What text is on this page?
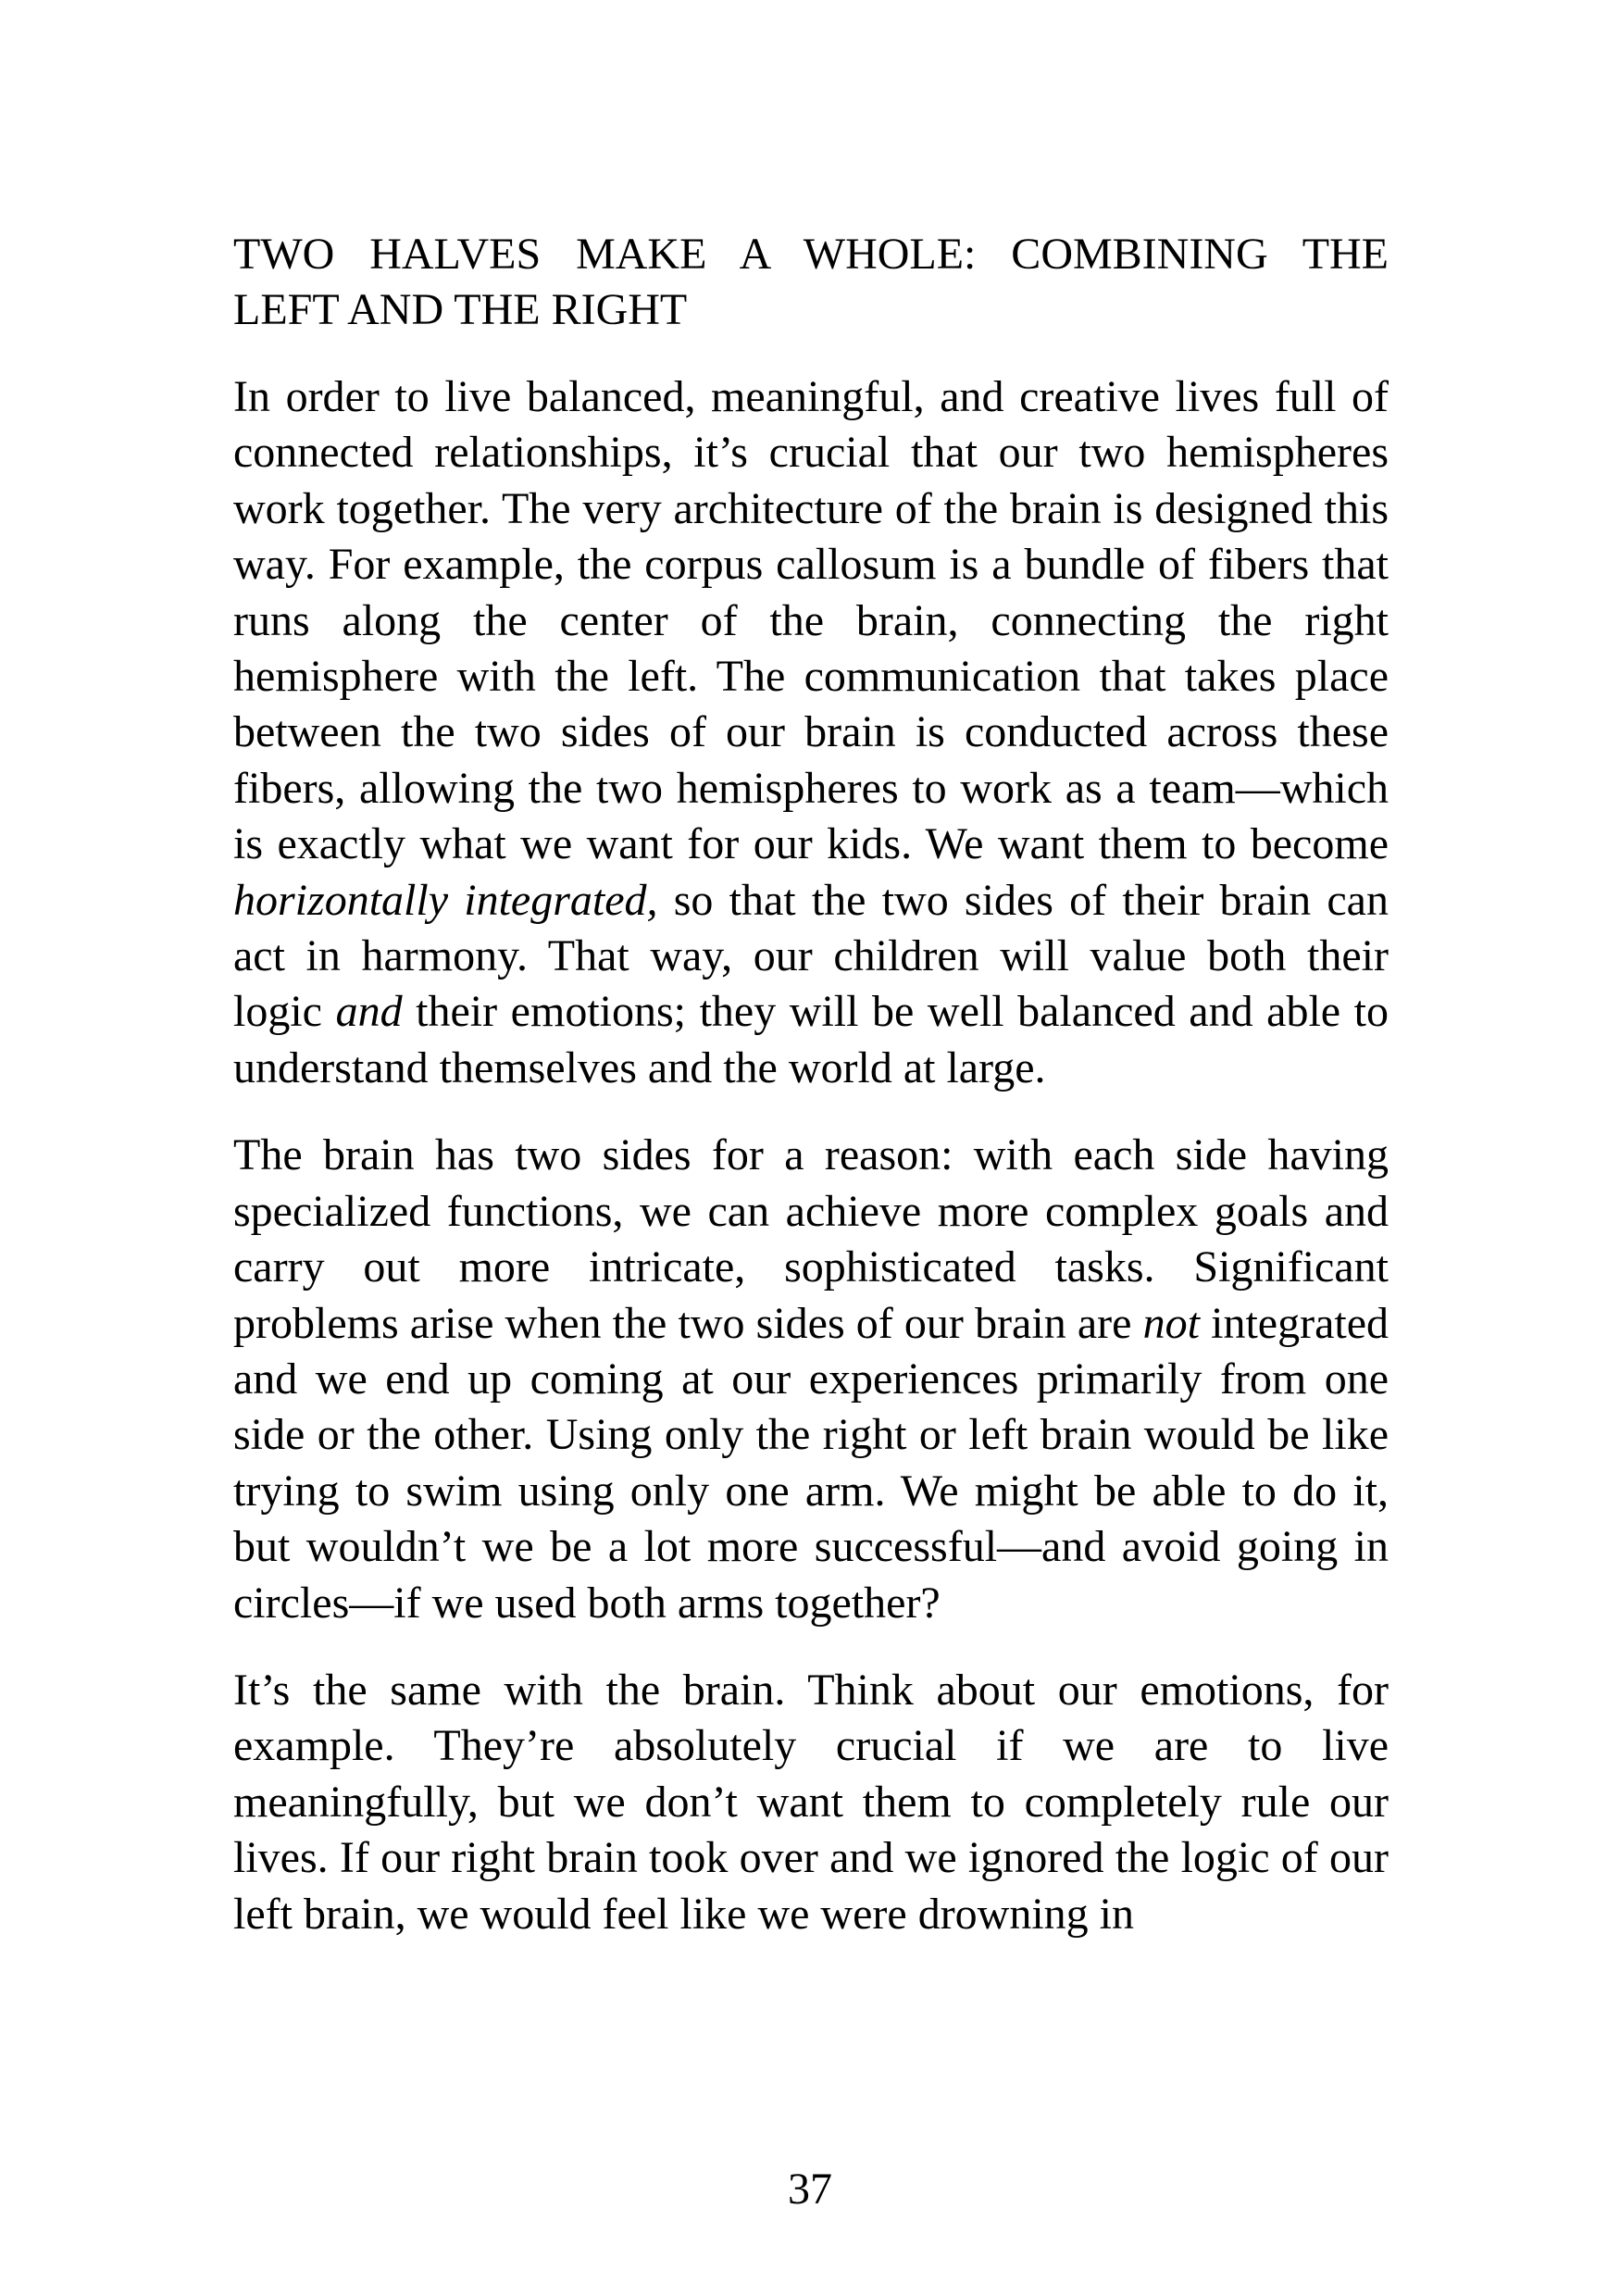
TWO HALVES MAKE A WHOLE: COMBINING THE
LEFT AND THE RIGHT

In order to live balanced, meaningful, and creative lives full of connected relationships, it’s crucial that our two hemispheres work together. The very architecture of the brain is designed this way. For example, the corpus callosum is a bundle of fibers that runs along the center of the brain, connecting the right hemisphere with the left. The communication that takes place between the two sides of our brain is conducted across these fibers, allowing the two hemispheres to work as a team—which is exactly what we want for our kids. We want them to become horizontally integrated, so that the two sides of their brain can act in harmony. That way, our children will value both their logic and their emotions; they will be well balanced and able to understand themselves and the world at large.

The brain has two sides for a reason: with each side having specialized functions, we can achieve more complex goals and carry out more intricate, sophisticated tasks. Significant problems arise when the two sides of our brain are not integrated and we end up coming at our experiences primarily from one side or the other. Using only the right or left brain would be like trying to swim using only one arm. We might be able to do it, but wouldn’t we be a lot more successful—and avoid going in circles—if we used both arms together?

It’s the same with the brain. Think about our emotions, for example. They’re absolutely crucial if we are to live meaningfully, but we don’t want them to completely rule our lives. If our right brain took over and we ignored the logic of our left brain, we would feel like we were drowning in

37
